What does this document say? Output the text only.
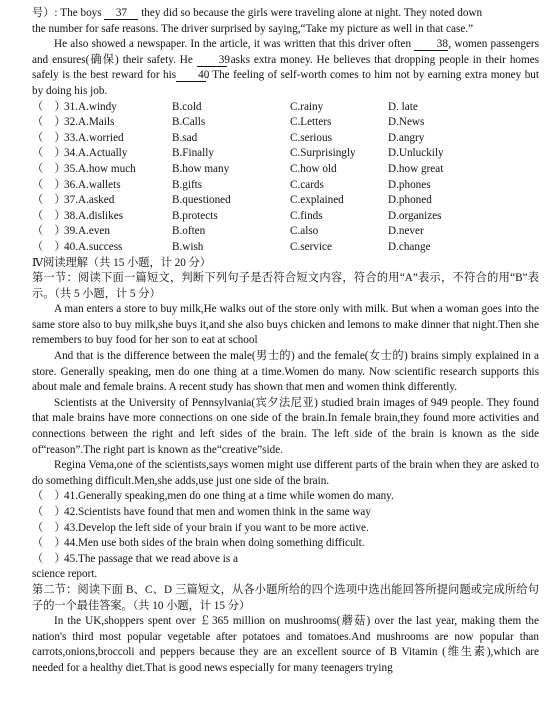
号）: The boys 37 they did so because the girls were traveling alone at night. They noted down

the number for safe reasons. The driver surprised by saying,“Take my picture as well in that case.”

He also showed a newspaper. In the article, it was written that this driver often 38, women passengers and ensures(确保) their safety. He 39 asks extra money. He believes that dropping people in their homes safely is the best reward for his 40. The feeling of self-worth comes to him not by earning extra money but by doing his job.

（　）
31.A.windy	B.cold	C.rainy	D. late
（　）
32.A.Mails	B.Calls	C.Letters	D.News
（　）
33.A.worried	B.sad	C.serious	D.angry
（　）
34.A.Actually	B.Finally	C.Surprisingly	D.Unluckily
（　）
35.A.how much	B.how many	C.how old	D.how great
（　）
36.A.wallets	B.gifts	C.cards	D.phones
（　）
37.A.asked	B.questioned	C.explained	D.phoned
（　）
38.A.dislikes	B.protects	C.finds	D.organizes
（　）
39.A.even	B.often	C.also	D.never
（　）
40.A.success	B.wish	C.service	D.change

Ⅳ阅读理解（共 15 小题，计 20 分）

第一节：阅读下面一篇短文，判断下列句子是否符合短文内容，符合的用“A”表示，不符合的用“B”表示。（共 5 小题，计 5 分）

A man enters a store to buy milk,He walks out of the store only with milk. But when a woman goes into the same store also to buy milk,she buys it,and she also buys chicken and lemons to make dinner that night.Then she remembers to buy food for her son to eat at school

And that is the difference between the male(男士的) and the female(女士的) brains simply explained in a store. Generally speaking, men do one thing at a time.Women do many. Now scientific research supports this about male and female brains. A recent study has shown that men and women think differently.

Scientists at the University of Pennsylvania(宾夕法尼亚) studied brain images of 949 people. They found that male brains have more connections on one side of the brain.In female brain,they found more activities and connections between the right and left sides of the brain. The left side of the brain is known as the side of“reason”.The right part is known as the“creative”side.

Regina Vema,one of the scientists,says women might use different parts of the brain when they are asked to do something difficult.Men,she adds,use just one side of the brain.

（　）
41.Generally speaking,men do one thing at a time while women do many.
（　）
42.Scientists have found that men and women think in the same way
（　）
43.Develop the left side of your brain if you want to be more active.
（　）
44.Men use both sides of the brain when doing something difficult.
（　）
45.The passage that we read above is a

science report.

第二节：阅读下面 B、C、D 三篇短文，从各小题所给的四个选项中选出能回答所提问题或完成所给句子的一个最佳答案。（共 10 小题，计 15 分）

In the UK,shoppers spent over ￡365 million on mushrooms(蘑菇) over the last year, making them the nation's third most popular vegetable after potatoes and tomatoes.And mushrooms are now popular than carrots,onions,broccoli and peppers because they are an excellent source of B Vitamin (维生素),which are needed for a healthy diet.That is good news especially for many teenagers trying
